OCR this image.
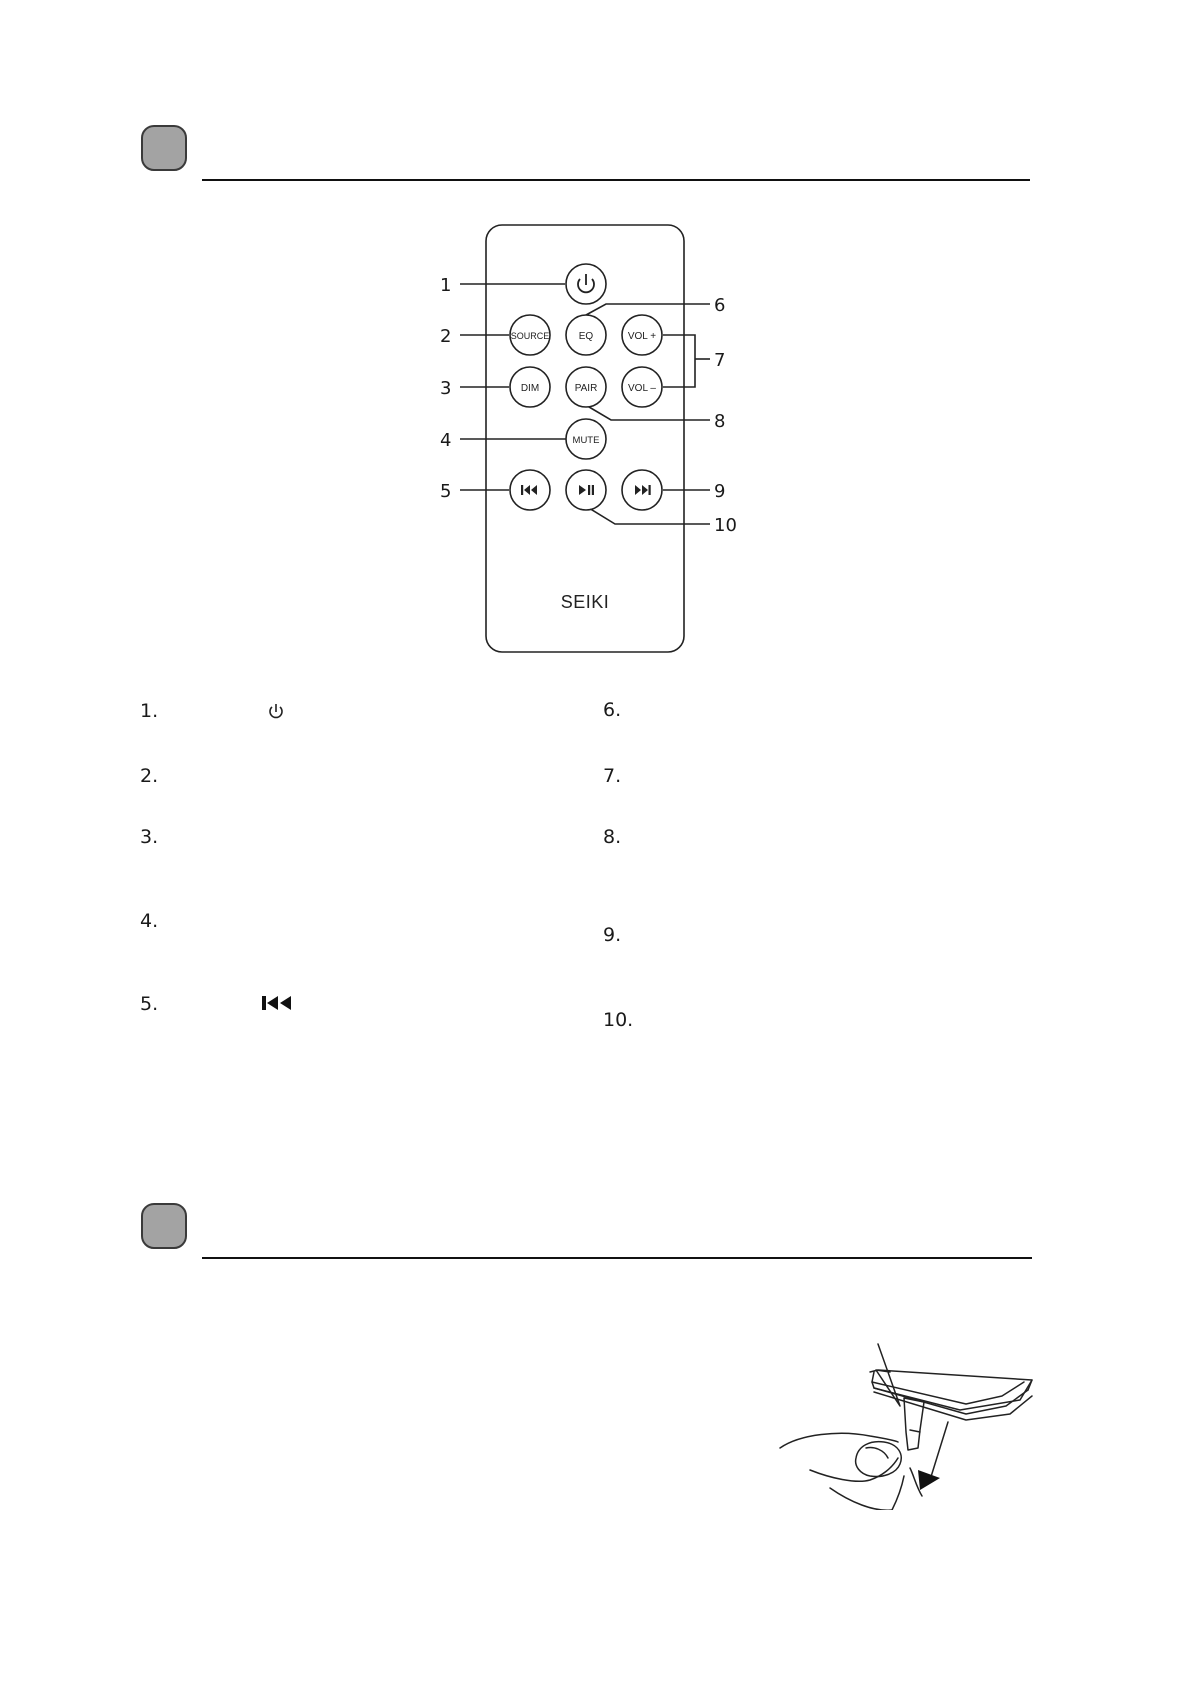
SOURCE	EQ	VOL +
DIM	PAIR	VOL –
MUTE
SEIKI
1
2
3
4
5
6
7
8
9
10
1.
2.
3.
4.
5.
6.
7.
8.
9.
10.
